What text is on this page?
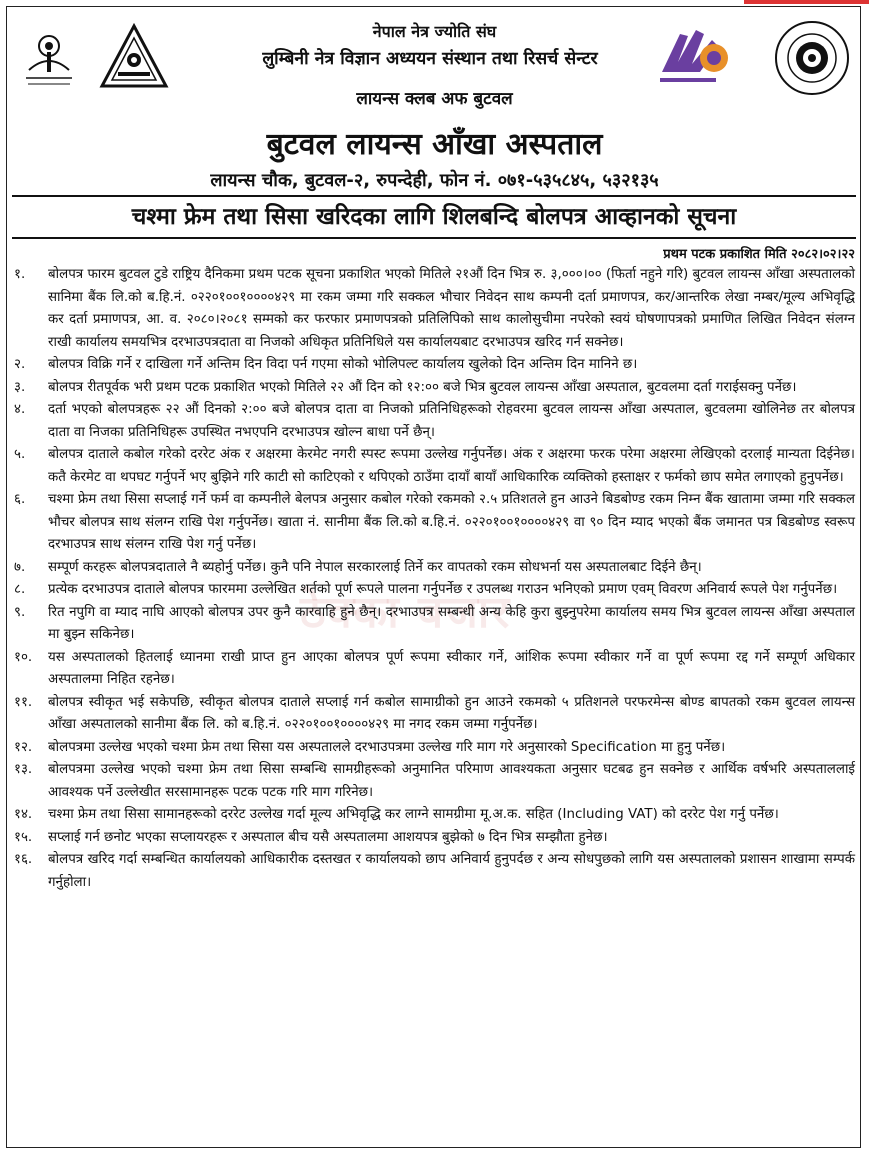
नेपाल नेत्र ज्योति संघ
लुम्बिनी नेत्र विज्ञान अध्ययन संस्थान तथा रिसर्च सेन्टर
लायन्स क्लब अफ बुटवल
बुटवल लायन्स आँखा अस्पताल
लायन्स चौक, बुटवल-२, रुपन्देही, फोन नं. ०७१-५३५८४५, ५३२१३५
चश्मा फ्रेम तथा सिसा खरिदका लागि शिलबन्दि बोलपत्र आव्हानको सूचना
प्रथम पटक प्रकाशित मिति २०८२।०२।२२
ठेक्का बजार
१.	बोलपत्र फारम बुटवल टुडे राष्ट्रिय दैनिकमा प्रथम पटक सूचना प्रकाशित भएको मितिले २१औं दिन भित्र रु. ३,०००।०० (फिर्ता नहुने गरि) बुटवल लायन्स आँखा अस्पतालको सानिमा बैंक लि.को ब.हि.नं. ०२२०१००१००००४२९ मा रकम जम्मा गरि सक्कल भौचार निवेदन साथ कम्पनी दर्ता प्रमाणपत्र, कर/आन्तरिक लेखा नम्बर/मूल्य अभिवृद्धि कर दर्ता प्रमाणपत्र, आ. व. २०८०।२०८१ सम्मको कर फरफार प्रमाणपत्रको प्रतिलिपिको साथ कालोसुचीमा नपरेको स्वयं घोषणापत्रको प्रमाणित लिखित निवेदन संलग्न राखी कार्यालय समयभित्र दरभाउपत्रदाता वा निजको अधिकृत प्रतिनिधिले यस कार्यालयबाट दरभाउपत्र खरिद गर्न सक्नेछ।
२.	बोलपत्र विक्रि गर्ने र दाखिला गर्ने अन्तिम दिन विदा पर्न गएमा सोको भोलिपल्ट कार्यालय खुलेको दिन अन्तिम दिन मानिने छ।
३.	बोलपत्र रीतपूर्वक भरी प्रथम पटक प्रकाशित भएको मितिले २२ औं दिन को १२:०० बजे भित्र बुटवल लायन्स आँखा अस्पताल, बुटवलमा दर्ता गराईसक्नु पर्नेछ।
४.	दर्ता भएको बोलपत्रहरू २२ औं दिनको २:०० बजे बोलपत्र दाता वा निजको प्रतिनिधिहरूको रोहवरमा बुटवल लायन्स आँखा अस्पताल, बुटवलमा खोलिनेछ तर बोलपत्र दाता वा निजका प्रतिनिधिहरू उपस्थित नभएपनि दरभाउपत्र खोल्न बाधा पर्ने छैन्।
५.	बोलपत्र दाताले कबोल गरेको दररेट अंक र अक्षरमा केरमेट नगरी स्पस्ट रूपमा उल्लेख गर्नुपर्नेछ। अंक र अक्षरमा फरक परेमा अक्षरमा लेखिएको दरलाई मान्यता दिईनेछ। कतै केरमेट वा थपघट गर्नुपर्ने भए बुझिने गरि काटी सो काटिएको र थपिएको ठाउँमा दायाँ बायाँ आधिकारिक व्यक्तिको हस्ताक्षर र फर्मको छाप समेत लगाएको हुनुपर्नेछ।
६.	चश्मा फ्रेम तथा सिसा सप्लाई गर्ने फर्म वा कम्पनीले बेलपत्र अनुसार कबोल गरेको रकमको २.५ प्रतिशतले हुन आउने बिडबोण्ड रकम निम्न बैंक खातामा जम्मा गरि सक्कल भौचर बोलपत्र साथ संलग्न राखि पेश गर्नुपर्नेछ। खाता नं. सानीमा बैंक लि.को ब.हि.नं. ०२२०१००१००००४२९ वा ९० दिन म्याद भएको बैंक जमानत पत्र बिडबोण्ड स्वरूप दरभाउपत्र साथ संलग्न राखि पेश गर्नु पर्नेछ।
७.	सम्पूर्ण करहरू बोलपत्रदाताले नै ब्यहोर्नु पर्नेछ। कुनै पनि नेपाल सरकारलाई तिर्ने कर वापतको रकम सोधभर्ना यस अस्पतालबाट दिईने छैन्।
८.	प्रत्येक दरभाउपत्र दाताले बोलपत्र फारममा उल्लेखित शर्तको पूर्ण रूपले पालना गर्नुपर्नेछ र उपलब्ध गराउन भनिएको प्रमाण एवम् विवरण अनिवार्य रूपले पेश गर्नुपर्नेछ।
९.	रित नपुगि वा म्याद नाघि आएको बोलपत्र उपर कुनै कारवाहि हुने छैन्। दरभाउपत्र सम्बन्धी अन्य केहि कुरा बुझ्नुपरेमा कार्यालय समय भित्र बुटवल लायन्स आँखा अस्पताल मा बुझ्न सकिनेछ।
१०.	यस अस्पतालको हितलाई ध्यानमा राखी प्राप्त हुन आएका बोलपत्र पूर्ण रूपमा स्वीकार गर्ने, आंशिक रूपमा स्वीकार गर्ने वा पूर्ण रूपमा रद्द गर्ने सम्पूर्ण अधिकार अस्पतालमा निहित रहनेछ।
११.	बोलपत्र स्वीकृत भई सकेपछि, स्वीकृत बोलपत्र दाताले सप्लाई गर्न कबोल सामाग्रीको हुन आउने रकमको ५ प्रतिशनले परफरमेन्स बोण्ड बापतको रकम बुटवल लायन्स आँखा अस्पतालको सानीमा बैंक लि. को ब.हि.नं. ०२२०१००१००००४२९ मा नगद रकम जम्मा गर्नुपर्नेछ।
१२.	बोलपत्रमा उल्लेख भएको चश्मा फ्रेम तथा सिसा यस अस्पतालले दरभाउपत्रमा उल्लेख गरि माग गरे अनुसारको Specification मा हुनु पर्नेछ।
१३.	बोलपत्रमा उल्लेख भएको चश्मा फ्रेम तथा सिसा सम्बन्धि सामग्रीहरूको अनुमानित परिमाण आवश्यकता अनुसार घटबढ हुन सक्नेछ र आर्थिक वर्षभरि अस्पताललाई आवश्यक पर्ने उल्लेखीत सरसामानहरू पटक पटक गरि माग गरिनेछ।
१४.	चश्मा फ्रेम तथा सिसा सामानहरूको दररेट उल्लेख गर्दा मूल्य अभिवृद्धि कर लाग्ने सामग्रीमा मू.अ.क. सहित (Including VAT) को दररेट पेश गर्नु पर्नेछ।
१५.	सप्लाई गर्न छनोट भएका सप्लायरहरू र अस्पताल बीच यसै अस्पतालमा आशयपत्र बुझेको ७ दिन भित्र सम्झौता हुनेछ।
१६.	बोलपत्र खरिद गर्दा सम्बन्धित कार्यालयको आधिकारीक दस्तखत र कार्यालयको छाप अनिवार्य हुनुपर्दछ र अन्य सोधपुछको लागि यस अस्पतालको प्रशासन शाखामा सम्पर्क गर्नुहोला।
